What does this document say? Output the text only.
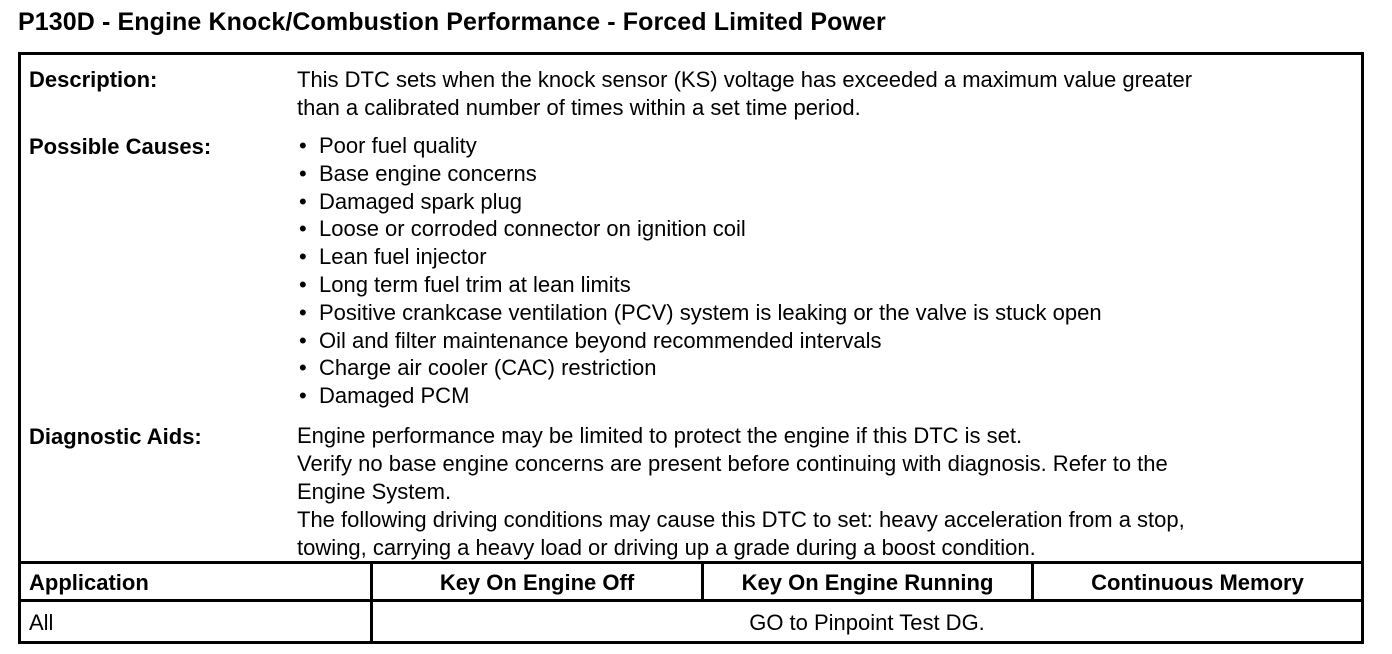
P130D - Engine Knock/Combustion Performance - Forced Limited Power
Description:	This DTC sets when the knock sensor (KS) voltage has exceeded a maximum value greater

than a calibrated number of times within a set time period.

Possible Causes:
•	Poor fuel quality
• Base engine concerns
• Damaged spark plug
• Loose or corroded connector on ignition coil
• Lean fuel injector
• Long term fuel trim at lean limits
• Positive crankcase ventilation (PCV) system is leaking or the valve is stuck open
• Oil and filter maintenance beyond recommended intervals
• Charge air cooler (CAC) restriction
• Damaged PCM
Diagnostic Aids:	Engine performance may be limited to protect the engine if this DTC is set.

Verify no base engine concerns are present before continuing with diagnosis. Refer to the

Engine System.

The following driving conditions may cause this DTC to set: heavy acceleration from a stop,

towing, carrying a heavy load or driving up a grade during a boost condition.

Application	Key On Engine Off	Key On Engine Running	Continuous Memory
All	GO to Pinpoint Test DG.
